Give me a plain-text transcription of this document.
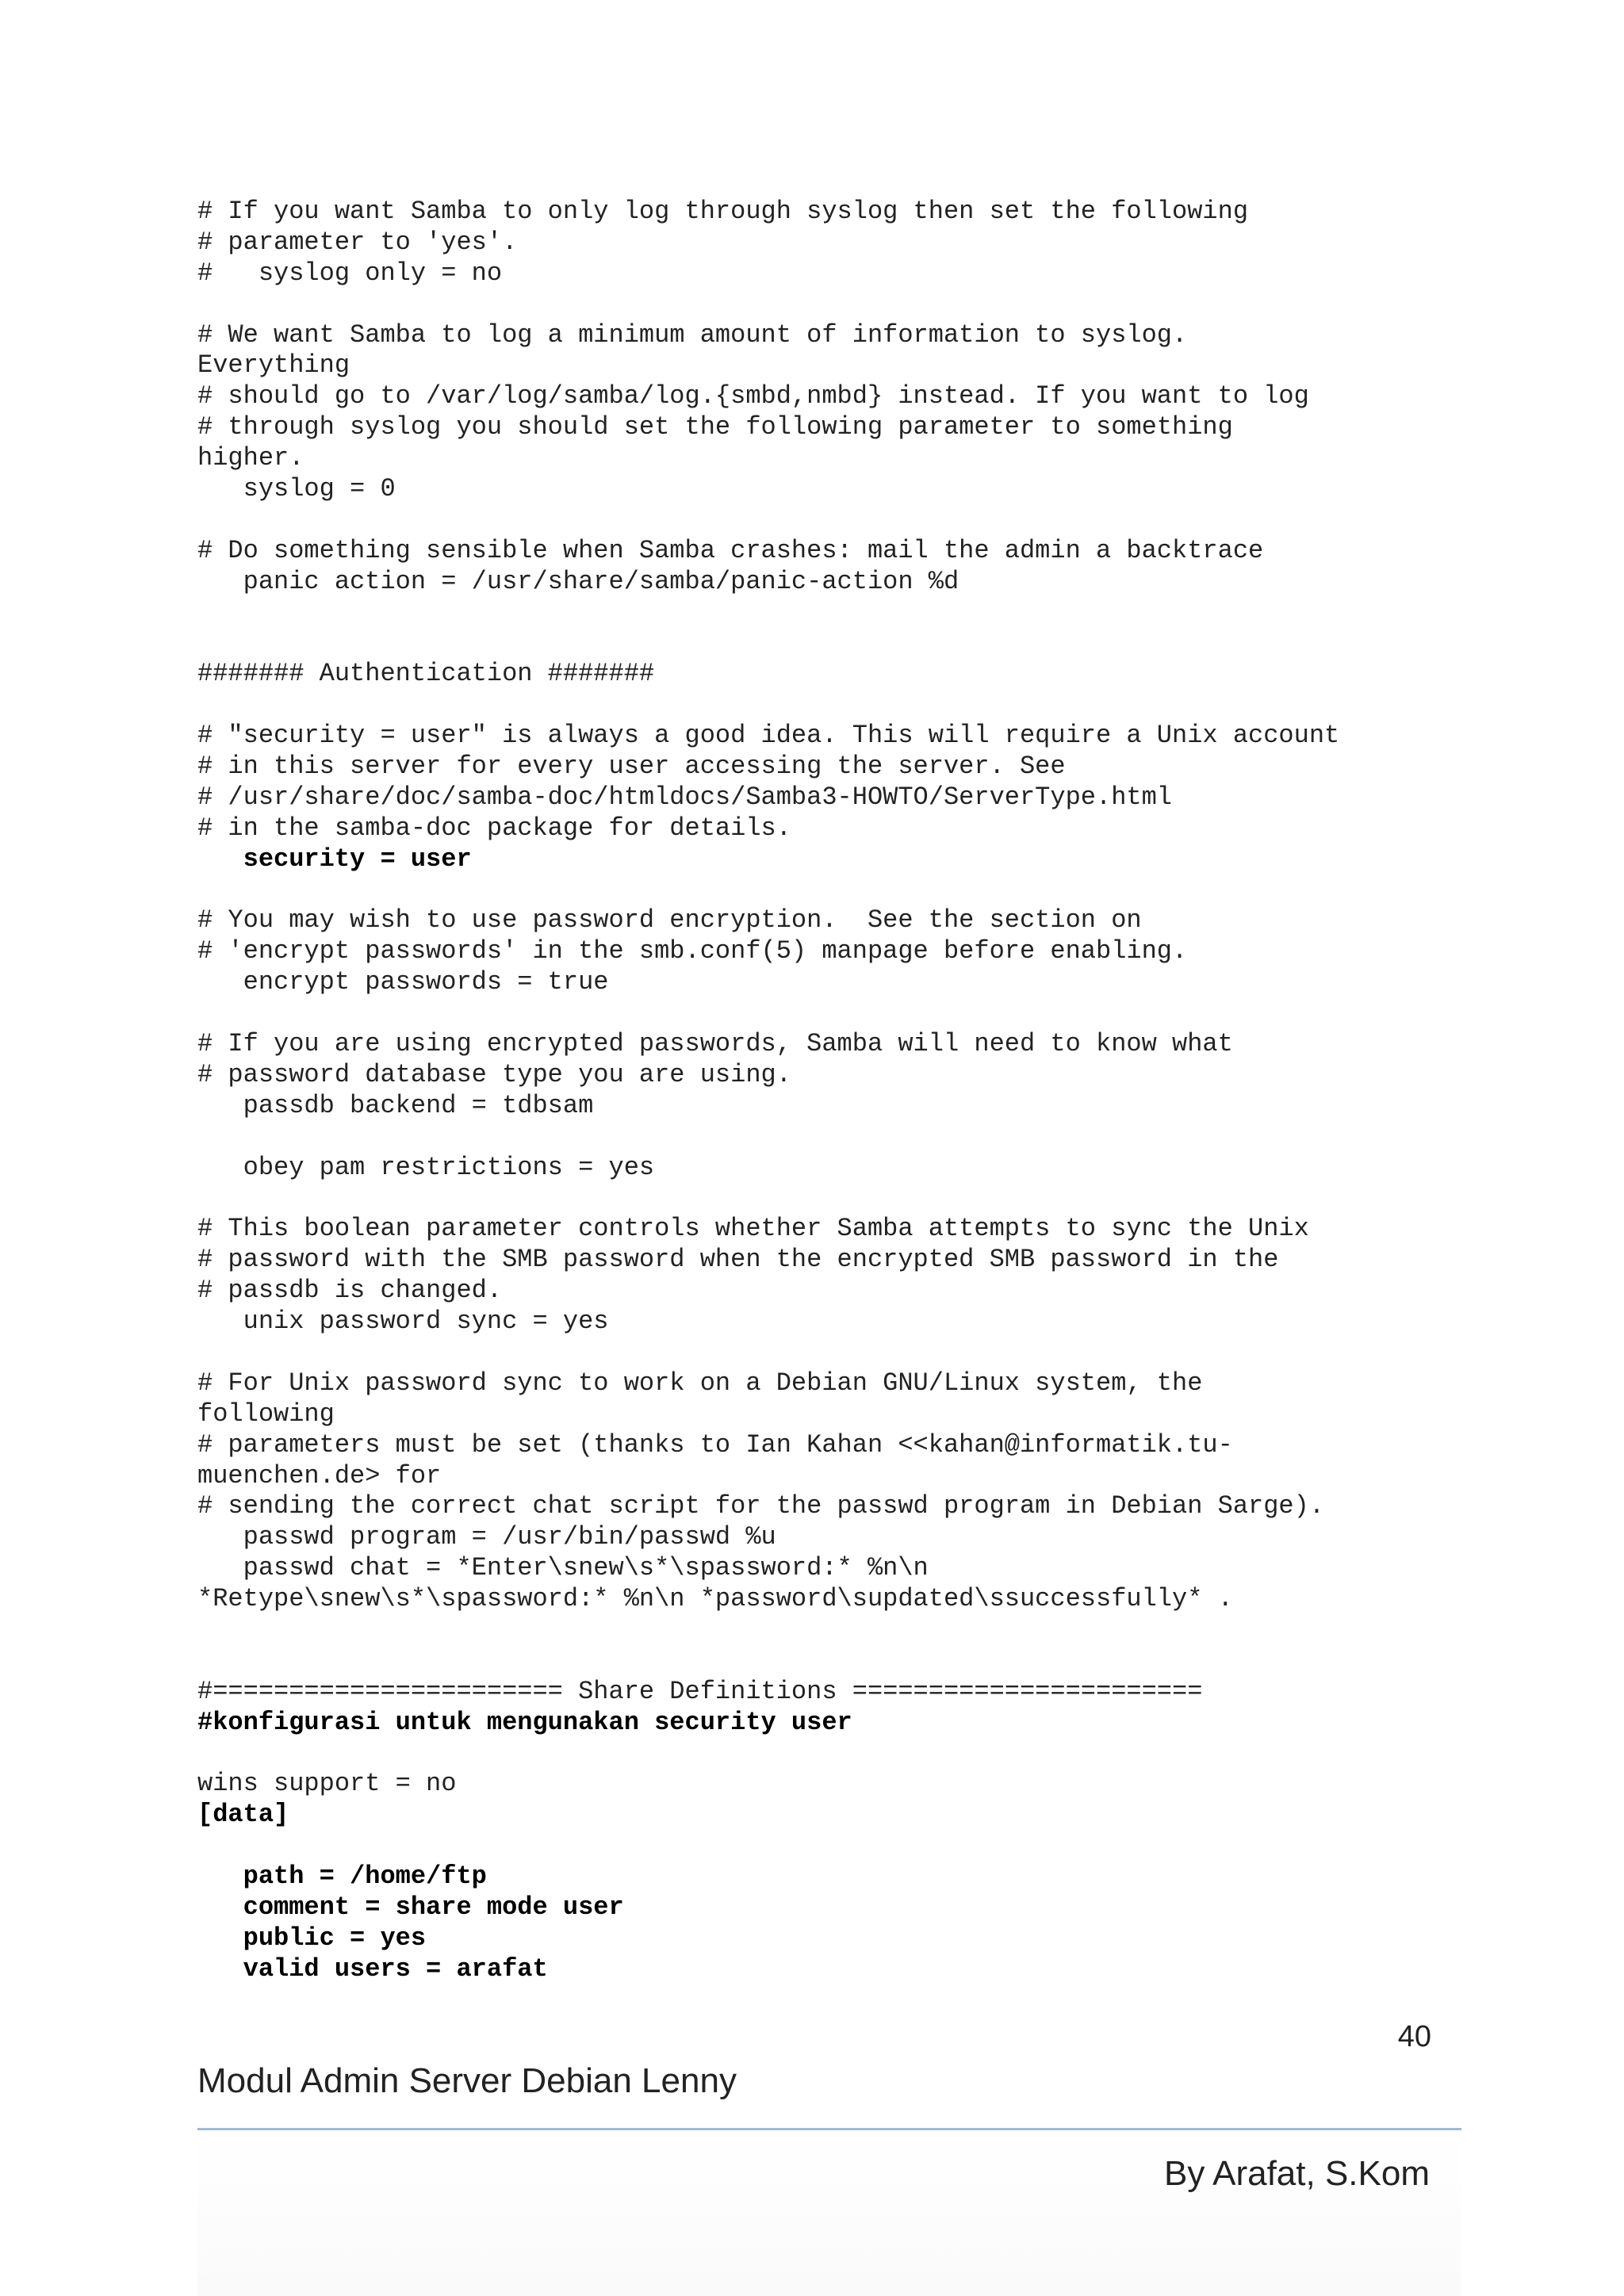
# If you want Samba to only log through syslog then set the following
# parameter to 'yes'.
#   syslog only = no
# We want Samba to log a minimum amount of information to syslog.
Everything
# should go to /var/log/samba/log.{smbd,nmbd} instead. If you want to log
# through syslog you should set the following parameter to something
higher.
syslog = 0
# Do something sensible when Samba crashes: mail the admin a backtrace
panic action = /usr/share/samba/panic-action %d
####### Authentication #######
# "security = user" is always a good idea. This will require a Unix account
# in this server for every user accessing the server. See
# /usr/share/doc/samba-doc/htmldocs/Samba3-HOWTO/ServerType.html
# in the samba-doc package for details.
security = user
# You may wish to use password encryption.  See the section on
# 'encrypt passwords' in the smb.conf(5) manpage before enabling.
encrypt passwords = true
# If you are using encrypted passwords, Samba will need to know what
# password database type you are using.
passdb backend = tdbsam
obey pam restrictions = yes
# This boolean parameter controls whether Samba attempts to sync the Unix
# password with the SMB password when the encrypted SMB password in the
# passdb is changed.
unix password sync = yes
# For Unix password sync to work on a Debian GNU/Linux system, the
following
# parameters must be set (thanks to Ian Kahan <<kahan@informatik.tu-
muenchen.de> for
# sending the correct chat script for the passwd program in Debian Sarge).
passwd program = /usr/bin/passwd %u
passwd chat = *Enter\snew\s*\spassword:* %n\n
*Retype\snew\s*\spassword:* %n\n *password\supdated\ssuccessfully* .
#======================= Share Definitions =======================
#konfigurasi untuk mengunakan security user
wins support = no
[data]
path = /home/ftp
comment = share mode user
public = yes
valid users = arafat
40
Modul Admin Server Debian Lenny
By Arafat, S.Kom
